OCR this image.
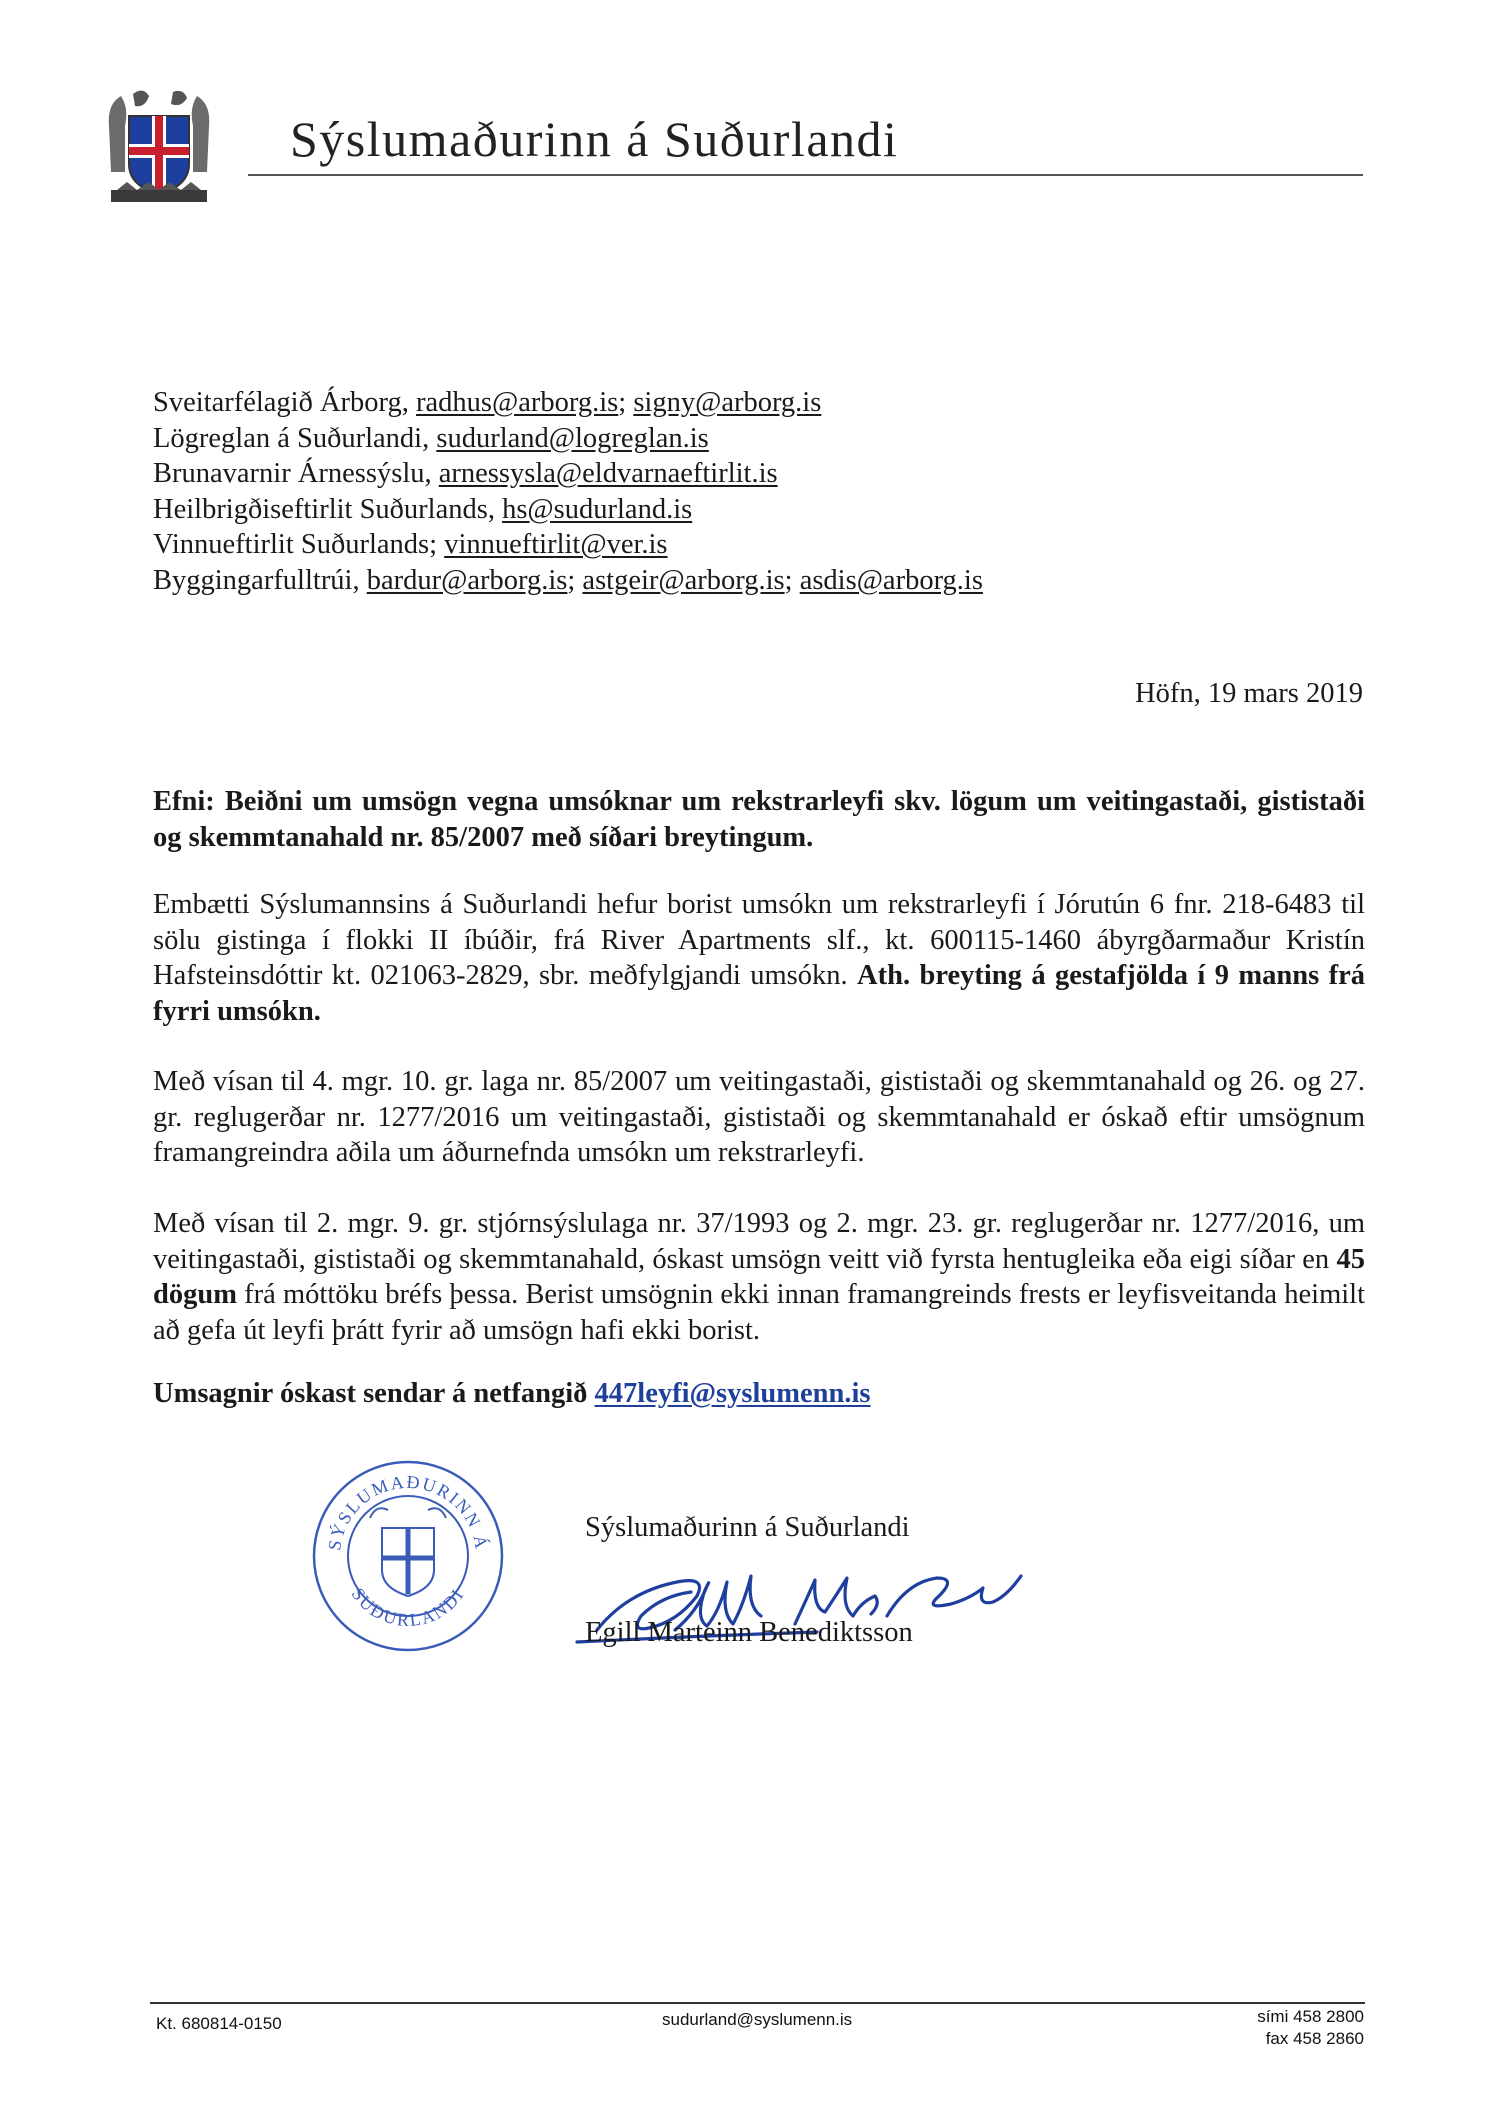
Sýslumaðurinn á Suðurlandi
Sveitarfélagið Árborg, radhus@arborg.is; signy@arborg.is
Lögreglan á Suðurlandi, sudurland@logreglan.is
Brunavarnir Árnessýslu, arnessysla@eldvarnaeftirlit.is
Heilbrigðiseftirlit Suðurlands, hs@sudurland.is
Vinnueftirlit Suðurlands; vinnueftirlit@ver.is
Byggingarfulltrúi, bardur@arborg.is; astgeir@arborg.is; asdis@arborg.is
Höfn, 19 mars 2019
Efni: Beiðni um umsögn vegna umsóknar um rekstrarleyfi skv. lögum um veitingastaði, gististaði og skemmtanahald nr. 85/2007 með síðari breytingum.
Embætti Sýslumannsins á Suðurlandi hefur borist umsókn um rekstrarleyfi í Jórutún 6 fnr. 218-6483 til sölu gistinga í flokki II íbúðir, frá River Apartments slf., kt. 600115-1460 ábyrgðarmaður Kristín Hafsteinsdóttir kt. 021063-2829, sbr. meðfylgjandi umsókn. Ath. breyting á gestafjölda í 9 manns frá fyrri umsókn.
Með vísan til 4. mgr. 10. gr. laga nr. 85/2007 um veitingastaði, gististaði og skemmtanahald og 26. og 27. gr. reglugerðar nr. 1277/2016 um veitingastaði, gististaði og skemmtanahald er óskað eftir umsögnum framangreindra aðila um áðurnefnda umsókn um rekstrarleyfi.
Með vísan til 2. mgr. 9. gr. stjórnsýslulaga nr. 37/1993 og 2. mgr. 23. gr. reglugerðar nr. 1277/2016, um veitingastaði, gististaði og skemmtanahald, óskast umsögn veitt við fyrsta hentugleika eða eigi síðar en 45 dögum frá móttöku bréfs þessa. Berist umsögnin ekki innan framangreinds frests er leyfisveitanda heimilt að gefa út leyfi þrátt fyrir að umsögn hafi ekki borist.
Umsagnir óskast sendar á netfangið 447leyfi@syslumenn.is
SÝSLUMAÐURINN Á
SUÐURLANDI
Sýslumaðurinn á Suðurlandi
Egill Marteinn Benediktsson
Kt. 680814-0150	sudurland@syslumenn.is	sími 458 2800
fax 458 2860
